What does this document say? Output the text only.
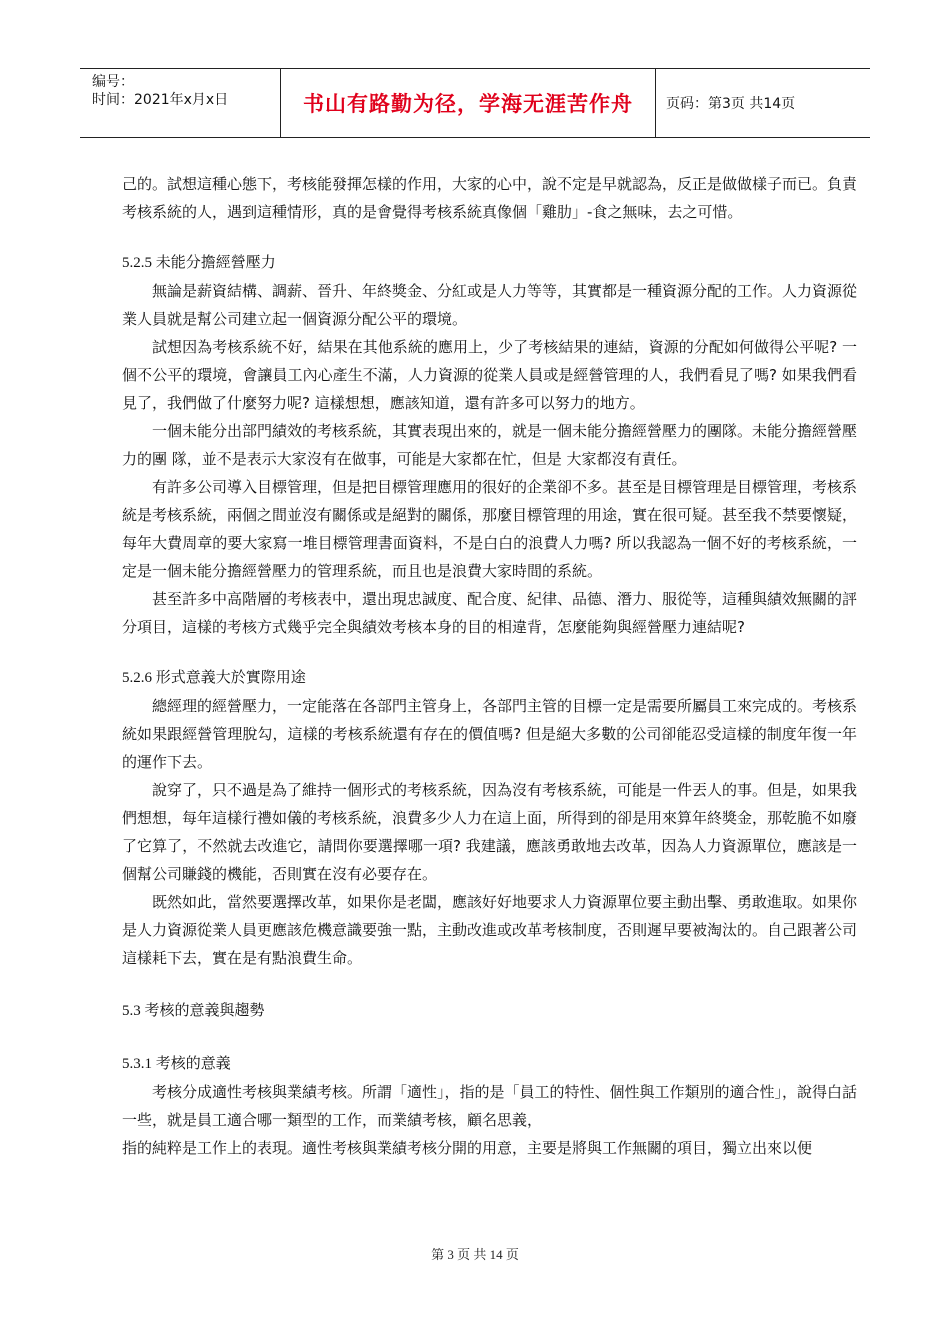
编号：
时间：2021年x月x日	书山有路勤为径，学海无涯苦作舟	页码：第3页 共14页

己的。試想這種心態下，考核能發揮怎樣的作用，大家的心中，說不定是早就認為，反正是做做樣子而已。負責考核系統的人，遇到這種情形，真的是會覺得考核系統真像個「雞肋」-食之無味，去之可惜。

5.2.5 未能分擔經營壓力

無論是薪資結構、調薪、晉升、年終獎金、分紅或是人力等等，其實都是一種資源分配的工作。人力資源從業人員就是幫公司建立起一個資源分配公平的環境。

試想因為考核系統不好，結果在其他系統的應用上，少了考核結果的連結，資源的分配如何做得公平呢? 一個不公平的環境，會讓員工內心產生不滿，人力資源的從業人員或是經營管理的人，我們看見了嗎? 如果我們看見了，我們做了什麼努力呢? 這樣想想，應該知道，還有許多可以努力的地方。

一個未能分出部門績效的考核系統，其實表現出來的，就是一個未能分擔經營壓力的團隊。未能分擔經營壓力的團 隊，並不是表示大家沒有在做事，可能是大家都在忙，但是 大家都沒有責任。

有許多公司導入目標管理，但是把目標管理應用的很好的企業卻不多。甚至是目標管理是目標管理，考核系統是考核系統，兩個之間並沒有關係或是絕對的關係，那麼目標管理的用途，實在很可疑。甚至我不禁要懷疑，每年大費周章的要大家寫一堆目標管理書面資料，不是白白的浪費人力嗎? 所以我認為一個不好的考核系統，一定是一個未能分擔經營壓力的管理系統，而且也是浪費大家時間的系統。

甚至許多中高階層的考核表中，還出現忠誠度、配合度、紀律、品德、潛力、服從等，這種與績效無關的評分項目，這樣的考核方式幾乎完全與績效考核本身的目的相違背，怎麼能夠與經營壓力連結呢?

5.2.6 形式意義大於實際用途

總經理的經營壓力，一定能落在各部門主管身上，各部門主管的目標一定是需要所屬員工來完成的。考核系統如果跟經營管理脫勾，這樣的考核系統還有存在的價值嗎? 但是絕大多數的公司卻能忍受這樣的制度年復一年的運作下去。

說穿了，只不過是為了維持一個形式的考核系統，因為沒有考核系統，可能是一件丟人的事。但是，如果我們想想，每年這樣行禮如儀的考核系統，浪費多少人力在這上面，所得到的卻是用來算年終獎金，那乾脆不如廢了它算了，不然就去改進它，請問你要選擇哪一項? 我建議，應該勇敢地去改革，因為人力資源單位，應該是一個幫公司賺錢的機能，否則實在沒有必要存在。

既然如此，當然要選擇改革，如果你是老闆，應該好好地要求人力資源單位要主動出擊、勇敢進取。如果你是人力資源從業人員更應該危機意識要強一點，主動改進或改革考核制度，否則遲早要被淘汰的。自己跟著公司這樣耗下去，實在是有點浪費生命。

5.3 考核的意義與趨勢

5.3.1 考核的意義

考核分成適性考核與業績考核。所謂「適性」，指的是「員工的特性、個性與工作類別的適合性」，說得白話一些，就是員工適合哪一類型的工作，而業績考核，顧名思義，

指的純粹是工作上的表現。適性考核與業績考核分開的用意，主要是將與工作無關的項目，獨立出來以便

第 3 页 共 14 页
